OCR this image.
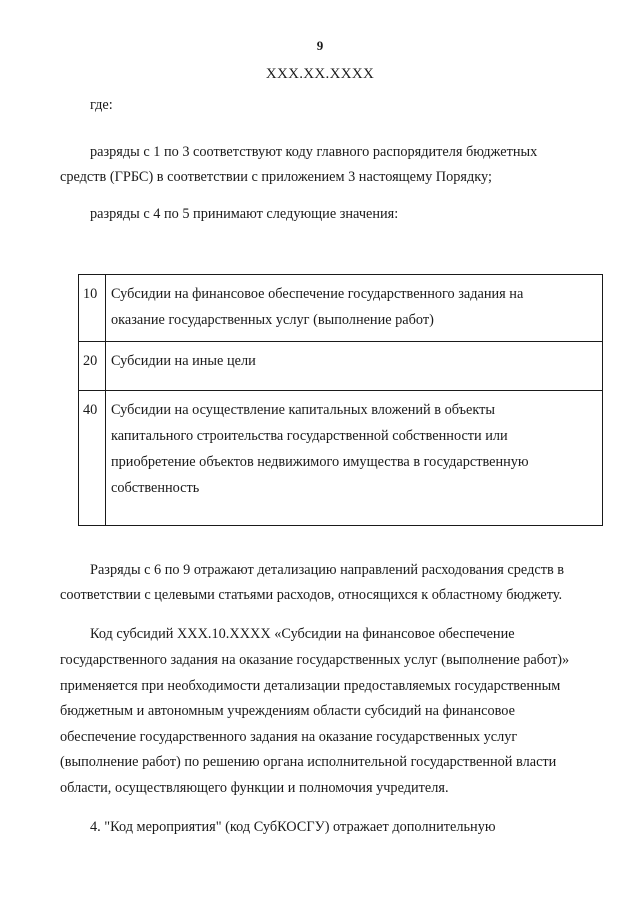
9
XXX.XX.XXXX
где:
разряды с 1 по 3 соответствуют коду главного распорядителя бюджетных
средств (ГРБС) в соответствии с приложением 3 настоящему Порядку;
разряды с 4 по 5 принимают следующие значения:
10	Субсидии на финансовое обеспечение государственного задания на
оказание государственных услуг (выполнение работ)

20	Субсидии на иные цели

40	Субсидии на осуществление капитальных вложений в объекты
капитального строительства государственной собственности или
приобретение объектов недвижимого имущества в государственную
собственность
Разряды с 6 по 9 отражают детализацию направлений расходования средств в
соответствии с целевыми статьями расходов, относящихся к областному бюджету.
Код субсидий XXX.10.XXXX «Субсидии на финансовое обеспечение
государственного задания на оказание государственных услуг (выполнение работ)»
применяется при необходимости детализации предоставляемых государственным
бюджетным и автономным учреждениям области субсидий на финансовое
обеспечение государственного задания на оказание государственных услуг
(выполнение работ) по решению органа исполнительной государственной власти
области, осуществляющего функции и полномочия учредителя.
4. "Код мероприятия" (код СубКОСГУ) отражает дополнительную
